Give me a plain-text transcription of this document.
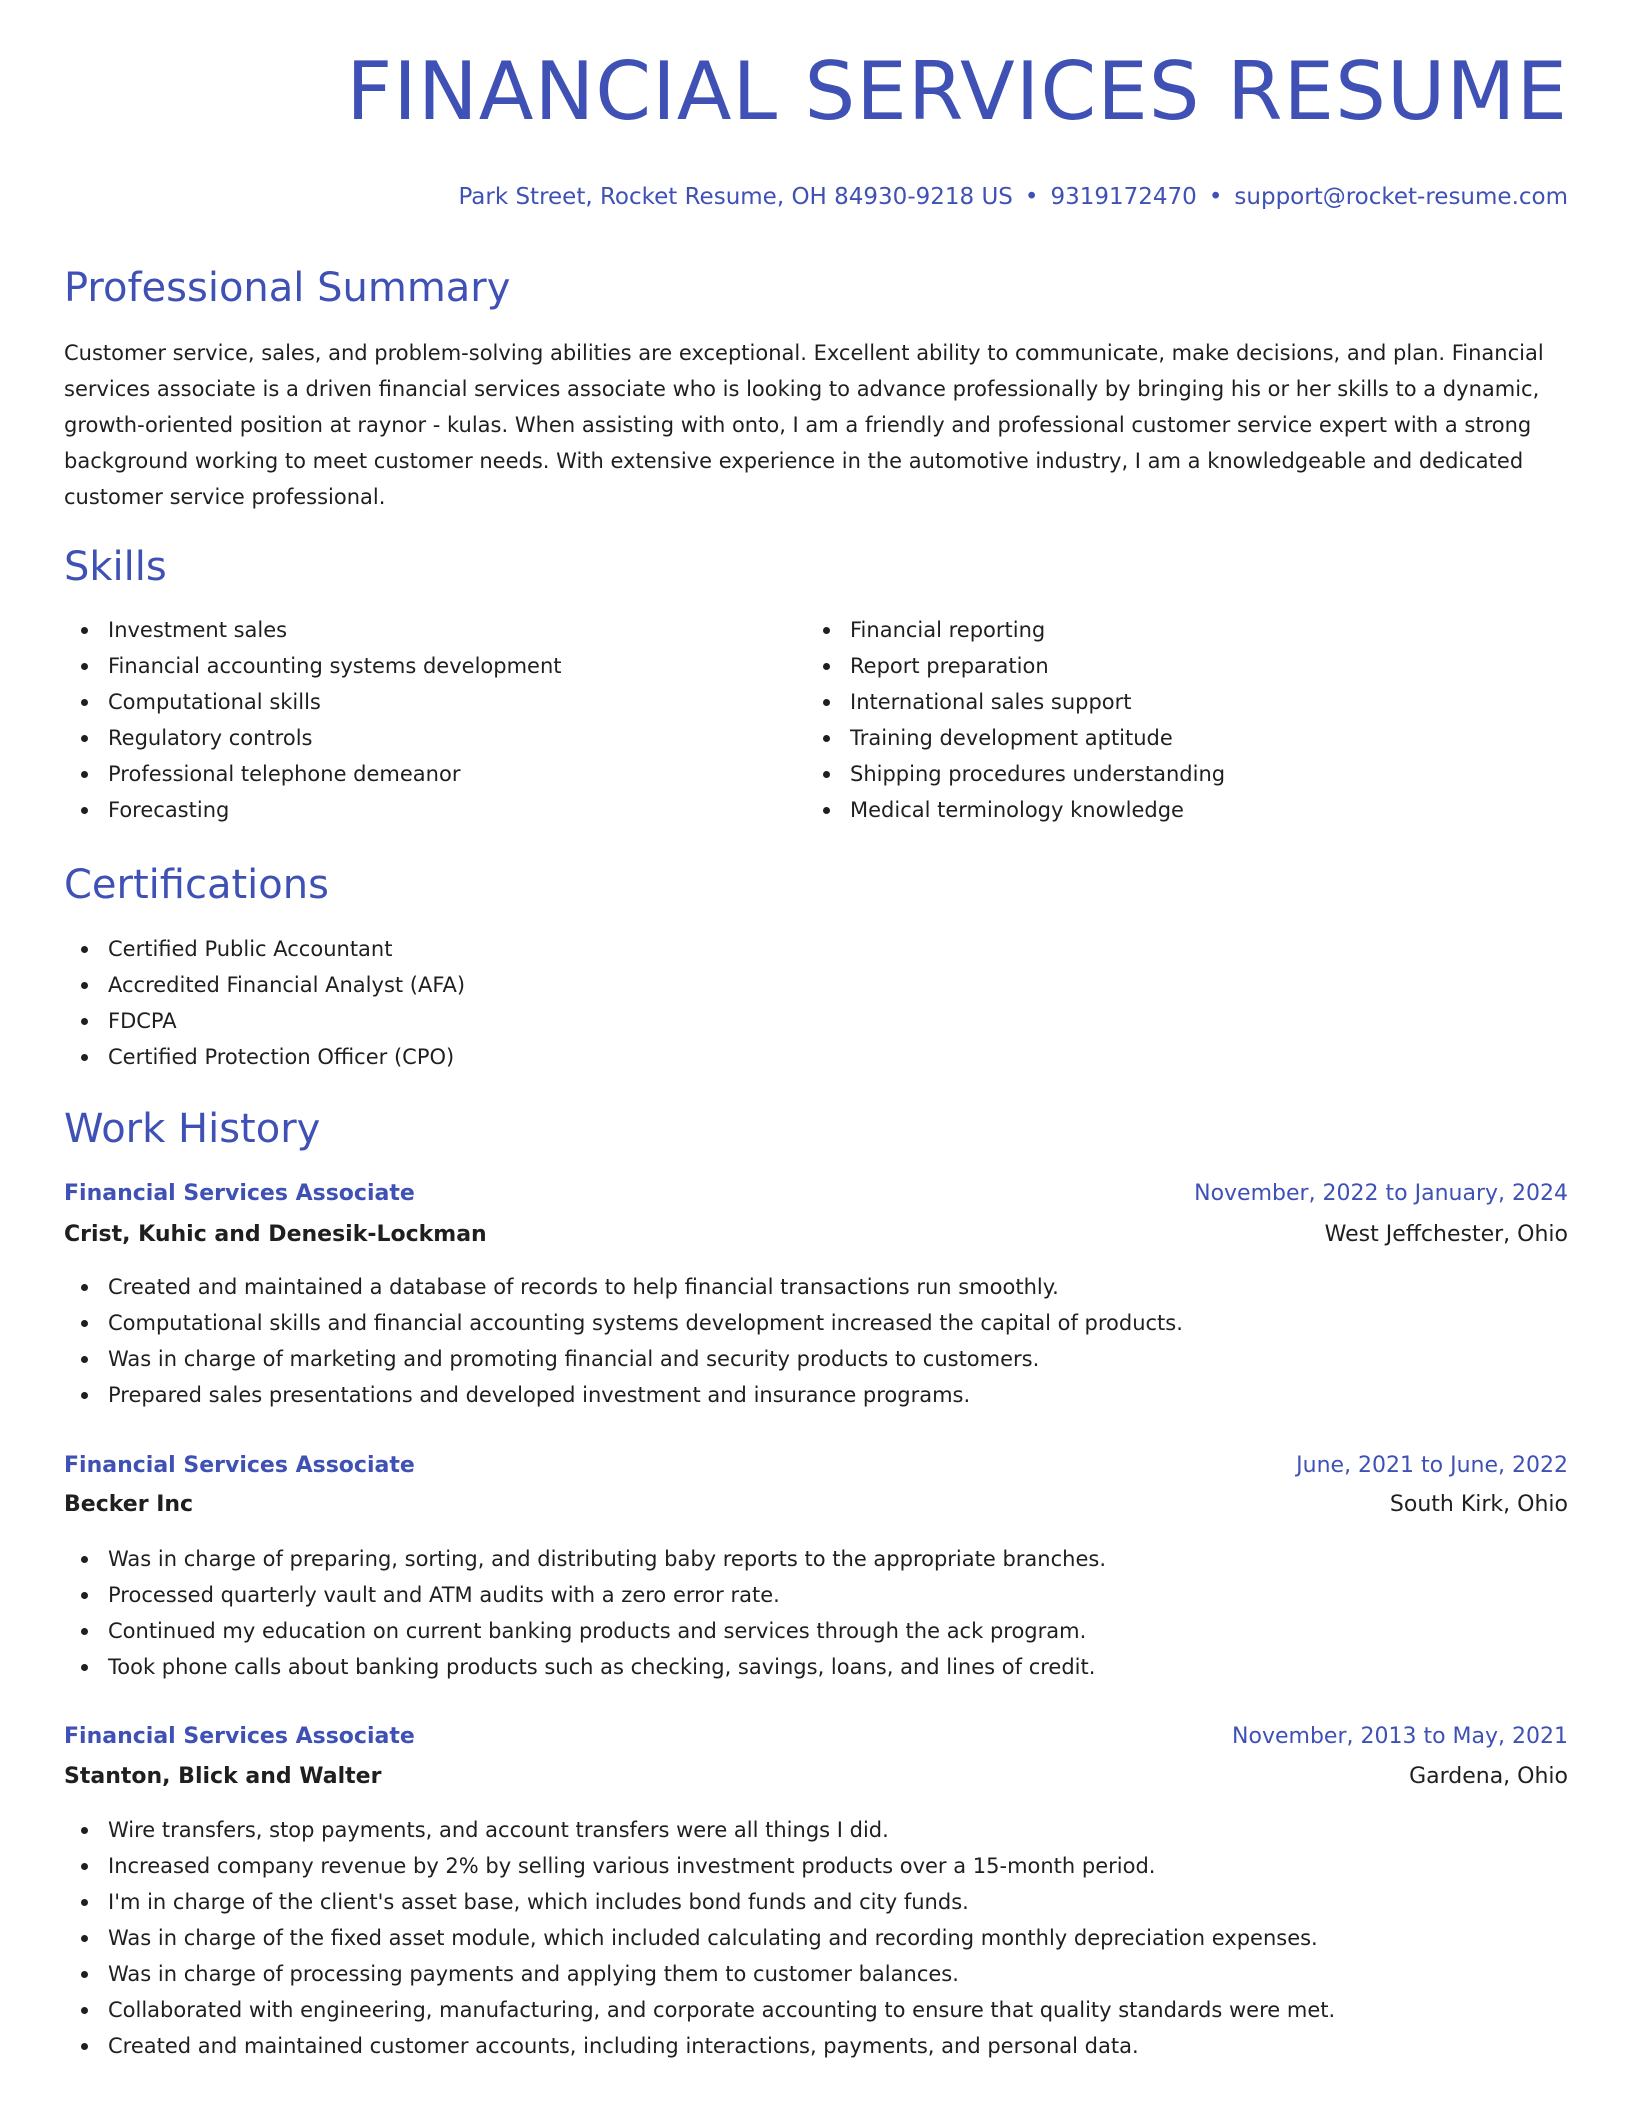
FINANCIAL SERVICES RESUME
Park Street, Rocket Resume, OH 84930-9218 US • 9319172470 • support@rocket-resume.com
Professional Summary

Customer service, sales, and problem-solving abilities are exceptional. Excellent ability to communicate, make decisions, and plan. Financial services associate is a driven financial services associate who is looking to advance professionally by bringing his or her skills to a dynamic, growth-oriented position at raynor - kulas. When assisting with onto, I am a friendly and professional customer service expert with a strong background working to meet customer needs. With extensive experience in the automotive industry, I am a knowledgeable and dedicated customer service professional.

Skills
Investment sales
Financial accounting systems development
Computational skills
Regulatory controls
Professional telephone demeanor
Forecasting
Financial reporting
Report preparation
International sales support
Training development aptitude
Shipping procedures understanding
Medical terminology knowledge
Certifications
Certified Public Accountant
Accredited Financial Analyst (AFA)
FDCPA
Certified Protection Officer (CPO)
Work History
Financial Services Associate	November, 2022 to January, 2024
Crist, Kuhic and Denesik-Lockman	West Jeffchester, Ohio
Created and maintained a database of records to help financial transactions run smoothly.
Computational skills and financial accounting systems development increased the capital of products.
Was in charge of marketing and promoting financial and security products to customers.
Prepared sales presentations and developed investment and insurance programs.
Financial Services Associate	June, 2021 to June, 2022
Becker Inc	South Kirk, Ohio
Was in charge of preparing, sorting, and distributing baby reports to the appropriate branches.
Processed quarterly vault and ATM audits with a zero error rate.
Continued my education on current banking products and services through the ack program.
Took phone calls about banking products such as checking, savings, loans, and lines of credit.
Financial Services Associate	November, 2013 to May, 2021
Stanton, Blick and Walter	Gardena, Ohio
Wire transfers, stop payments, and account transfers were all things I did.
Increased company revenue by 2% by selling various investment products over a 15-month period.
I'm in charge of the client's asset base, which includes bond funds and city funds.
Was in charge of the fixed asset module, which included calculating and recording monthly depreciation expenses.
Was in charge of processing payments and applying them to customer balances.
Collaborated with engineering, manufacturing, and corporate accounting to ensure that quality standards were met.
Created and maintained customer accounts, including interactions, payments, and personal data.
